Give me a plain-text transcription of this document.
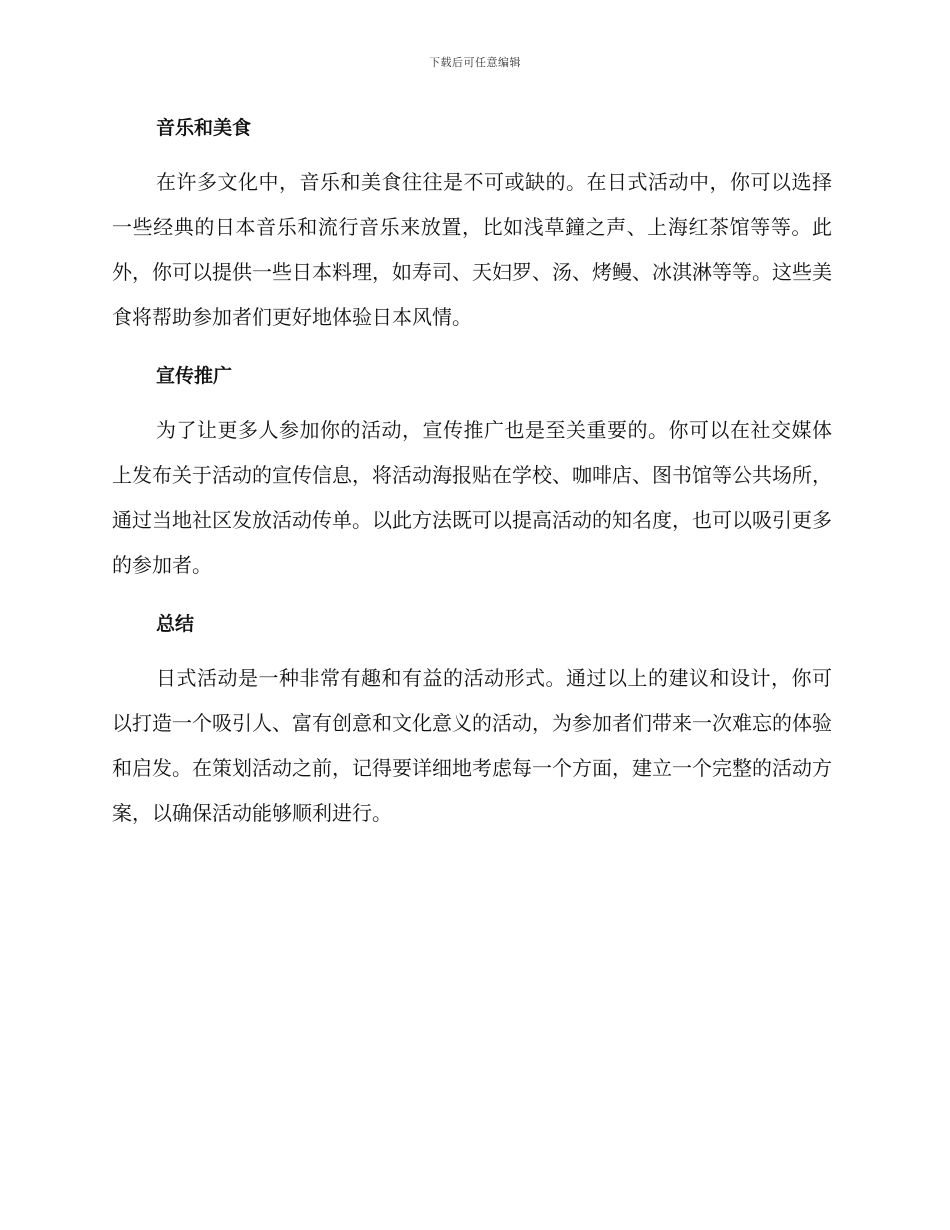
下载后可任意编辑
音乐和美食

在许多文化中，音乐和美食往往是不可或缺的。在日式活动中，你可以选择一些经典的日本音乐和流行音乐来放置，比如浅草鐘之声、上海红茶馆等等。此外，你可以提供一些日本料理，如寿司、天妇罗、汤、烤鳗、冰淇淋等等。这些美食将帮助参加者们更好地体验日本风情。

宣传推广

为了让更多人参加你的活动，宣传推广也是至关重要的。你可以在社交媒体上发布关于活动的宣传信息，将活动海报贴在学校、咖啡店、图书馆等公共场所，通过当地社区发放活动传单。以此方法既可以提高活动的知名度，也可以吸引更多的参加者。

总结

日式活动是一种非常有趣和有益的活动形式。通过以上的建议和设计，你可以打造一个吸引人、富有创意和文化意义的活动，为参加者们带来一次难忘的体验和启发。在策划活动之前，记得要详细地考虑每一个方面，建立一个完整的活动方案，以确保活动能够顺利进行。
